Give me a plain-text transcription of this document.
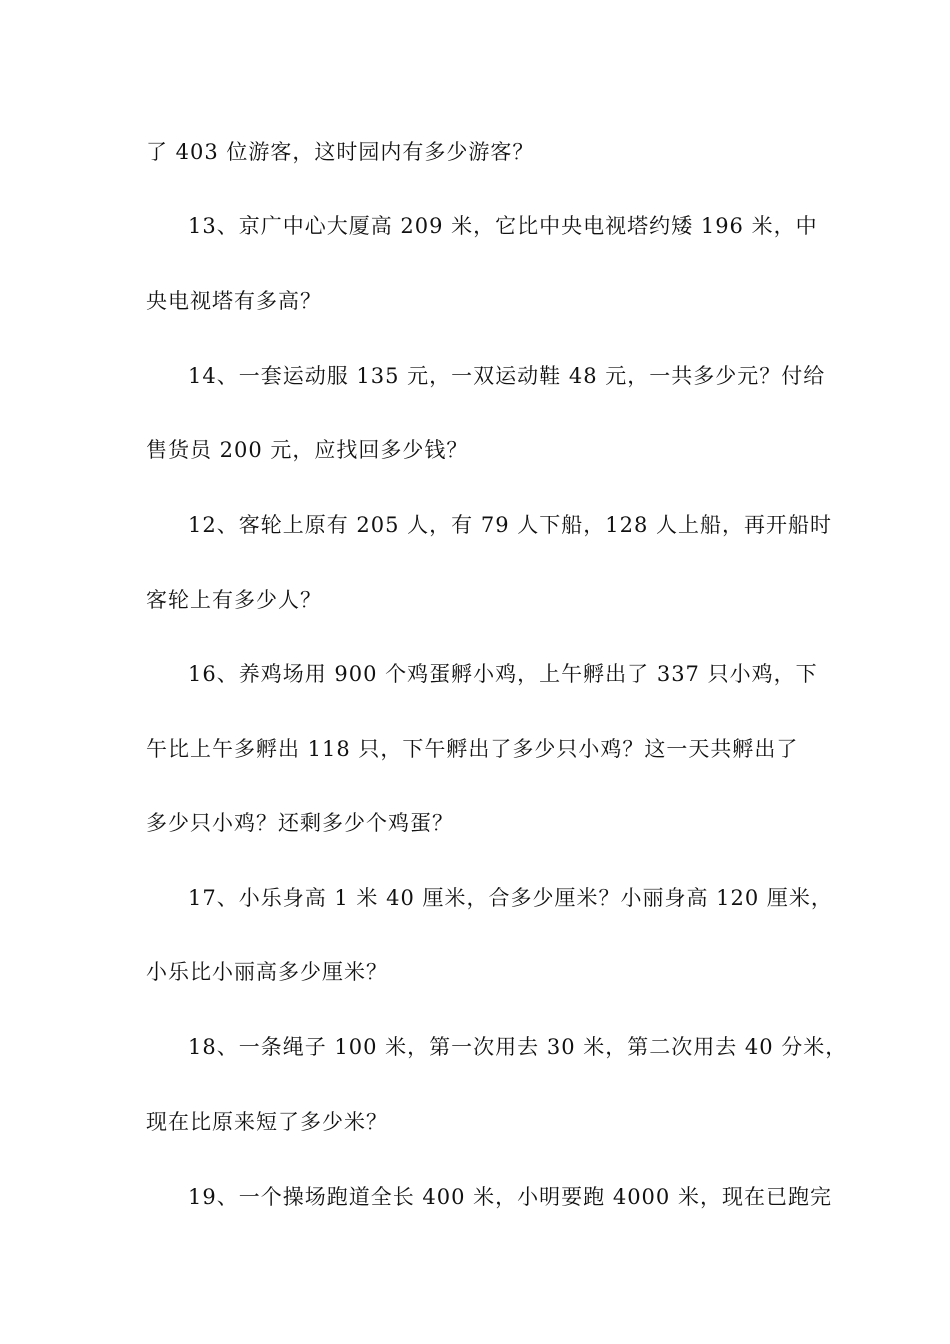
了 403 位游客，这时园内有多少游客？
13、京广中心大厦高 209 米，它比中央电视塔约矮 196 米，中
央电视塔有多高？
14、一套运动服 135 元，一双运动鞋 48 元，一共多少元？付给
售货员 200 元，应找回多少钱？
12、客轮上原有 205 人，有 79 人下船，128 人上船，再开船时
客轮上有多少人？
16、养鸡场用 900 个鸡蛋孵小鸡，上午孵出了 337 只小鸡，下
午比上午多孵出 118 只，下午孵出了多少只小鸡？这一天共孵出了
多少只小鸡？还剩多少个鸡蛋？
17、小乐身高 1 米 40 厘米，合多少厘米？小丽身高 120 厘米，
小乐比小丽高多少厘米？
18、一条绳子 100 米，第一次用去 30 米，第二次用去 40 分米，
现在比原来短了多少米？
19、一个操场跑道全长 400 米，小明要跑 4000 米，现在已跑完
